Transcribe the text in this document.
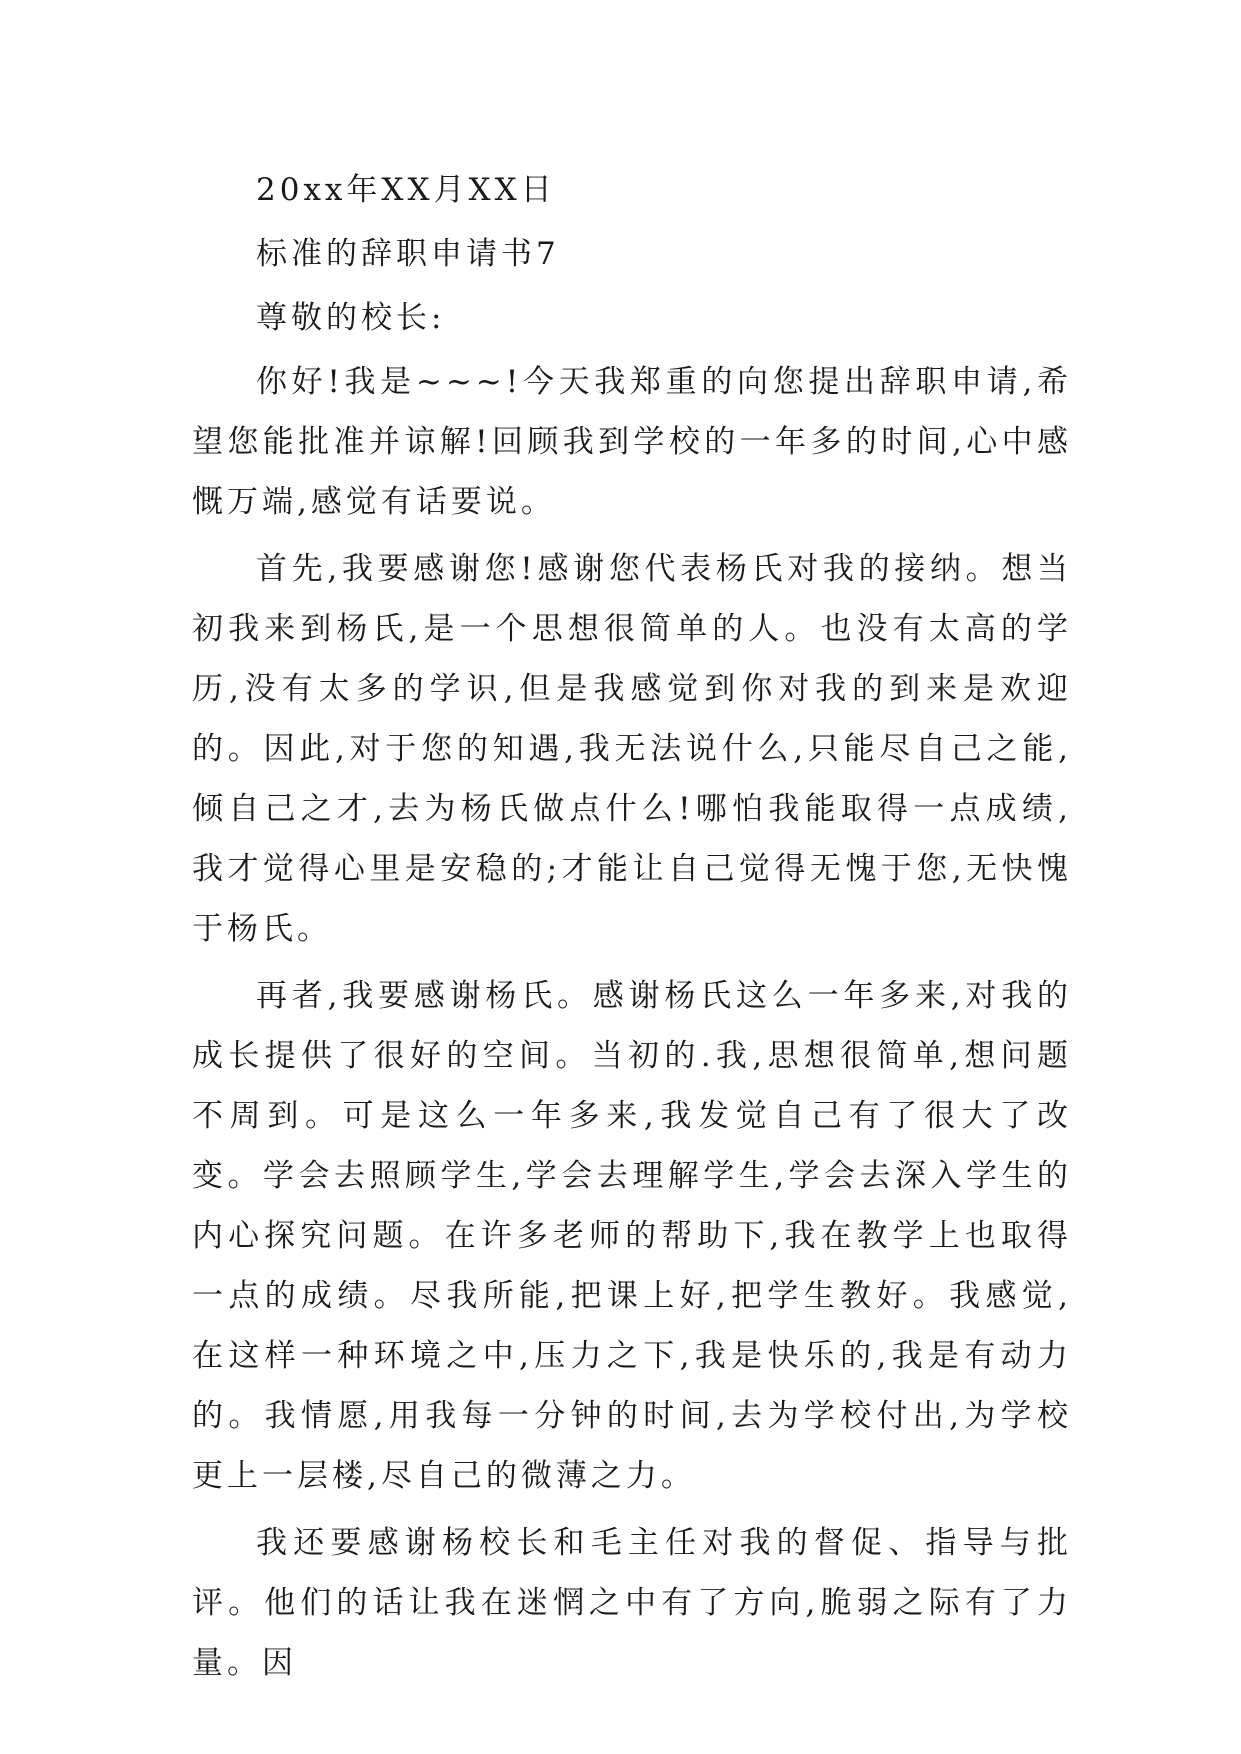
20xx年XX月XX日

标准的辞职申请书7

尊敬的校长:

你好!我是~~~!今天我郑重的向您提出辞职申请,希望您能批准并谅解!回顾我到学校的一年多的时间,心中感慨万端,感觉有话要说。

首先,我要感谢您!感谢您代表杨氏对我的接纳。想当初我来到杨氏,是一个思想很简单的人。也没有太高的学历,没有太多的学识,但是我感觉到你对我的到来是欢迎的。因此,对于您的知遇,我无法说什么,只能尽自己之能,倾自己之才,去为杨氏做点什么!哪怕我能取得一点成绩,我才觉得心里是安稳的;才能让自己觉得无愧于您,无快愧于杨氏。

再者,我要感谢杨氏。感谢杨氏这么一年多来,对我的成长提供了很好的空间。当初的.我,思想很简单,想问题不周到。可是这么一年多来,我发觉自己有了很大了改变。学会去照顾学生,学会去理解学生,学会去深入学生的内心探究问题。在许多老师的帮助下,我在教学上也取得一点的成绩。尽我所能,把课上好,把学生教好。我感觉,在这样一种环境之中,压力之下,我是快乐的,我是有动力的。我情愿,用我每一分钟的时间,去为学校付出,为学校更上一层楼,尽自己的微薄之力。

我还要感谢杨校长和毛主任对我的督促、指导与批评。他们的话让我在迷惘之中有了方向,脆弱之际有了力量。因
